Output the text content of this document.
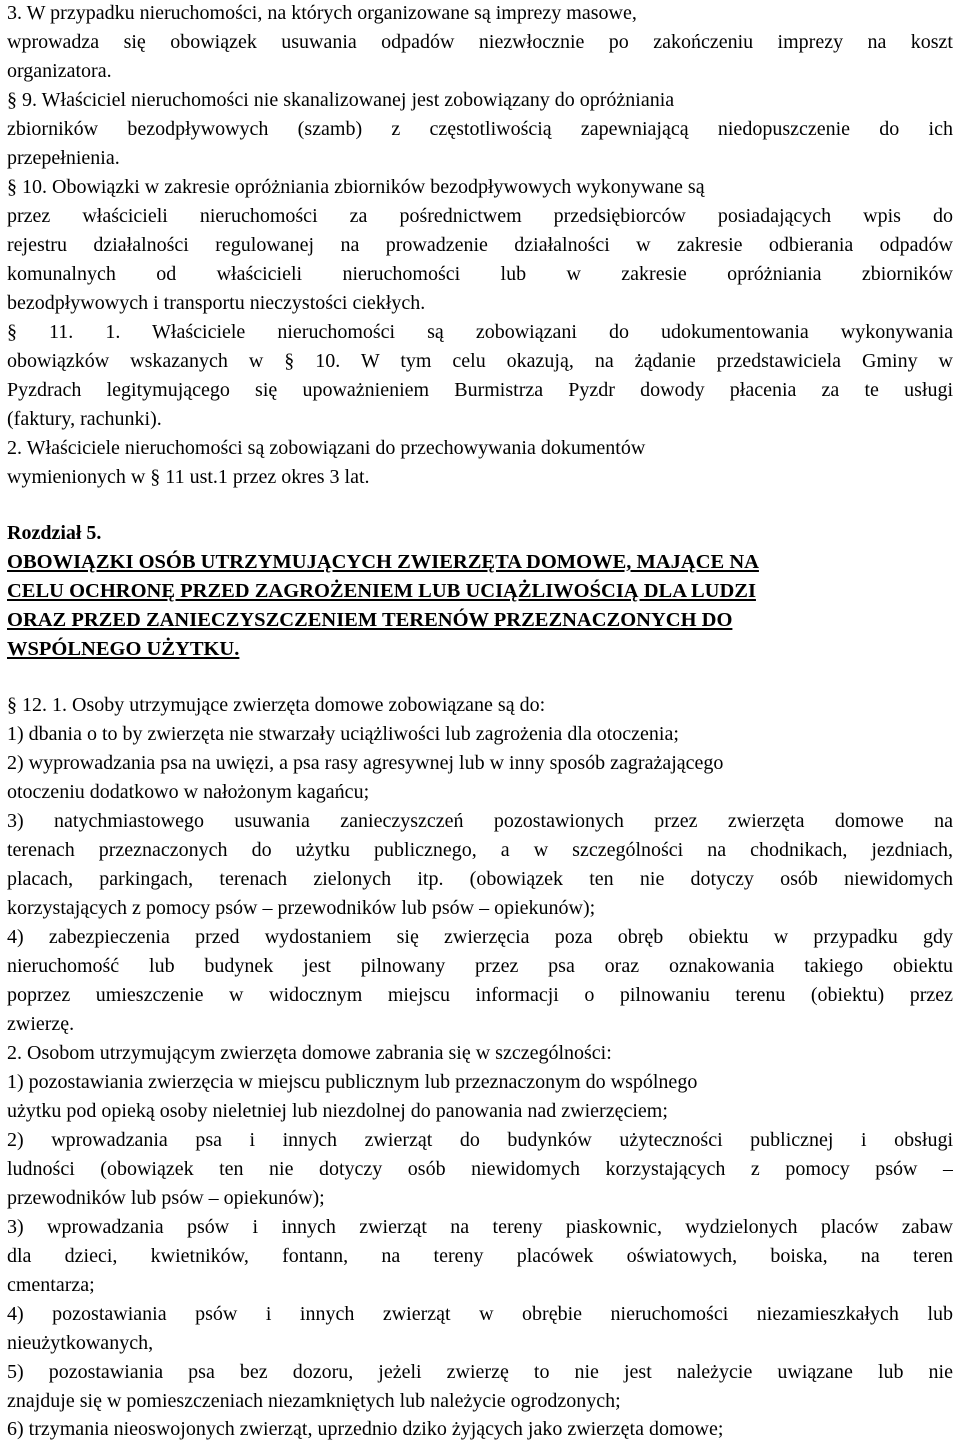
3. W przypadku nieruchomości, na których organizowane są imprezy masowe,
wprowadza się obowiązek usuwania odpadów niezwłocznie po zakończeniu imprezy na koszt
organizatora.
§ 9. Właściciel nieruchomości nie skanalizowanej jest zobowiązany do opróżniania
zbiorników bezodpływowych (szamb) z częstotliwością zapewniającą niedopuszczenie do ich
przepełnienia.
§ 10. Obowiązki w zakresie opróżniania zbiorników bezodpływowych wykonywane są
przez właścicieli nieruchomości za pośrednictwem przedsiębiorców posiadających wpis do
rejestru działalności regulowanej na prowadzenie działalności w zakresie odbierania odpadów
komunalnych od właścicieli nieruchomości lub w zakresie opróżniania zbiorników
bezodpływowych i transportu nieczystości ciekłych.
§ 11. 1. Właściciele nieruchomości są zobowiązani do udokumentowania wykonywania
obowiązków wskazanych w § 10. W tym celu okazują, na żądanie przedstawiciela Gminy w
Pyzdrach legitymującego się upoważnieniem Burmistrza Pyzdr dowody płacenia za te usługi
(faktury, rachunki).
2. Właściciele nieruchomości są zobowiązani do przechowywania dokumentów
wymienionych w § 11 ust.1 przez okres 3 lat.
Rozdział 5.
OBOWIĄZKI OSÓB UTRZYMUJĄCYCH ZWIERZĘTA DOMOWE, MAJĄCE NA
CELU OCHRONĘ PRZED ZAGROŻENIEM LUB UCIĄŻLIWOŚCIĄ DLA LUDZI
ORAZ PRZED ZANIECZYSZCZENIEM TERENÓW PRZEZNACZONYCH DO
WSPÓLNEGO UŻYTKU.
§ 12. 1. Osoby utrzymujące zwierzęta domowe zobowiązane są do:
1) dbania o to by zwierzęta nie stwarzały uciążliwości lub zagrożenia dla otoczenia;
2) wyprowadzania psa na uwięzi, a psa rasy agresywnej lub w inny sposób zagrażającego
otoczeniu dodatkowo w nałożonym kagańcu;
3) natychmiastowego usuwania zanieczyszczeń pozostawionych przez zwierzęta domowe na
terenach przeznaczonych do użytku publicznego, a w szczególności na chodnikach, jezdniach,
placach, parkingach, terenach zielonych itp. (obowiązek ten nie dotyczy osób niewidomych
korzystających z pomocy psów – przewodników lub psów – opiekunów);
4) zabezpieczenia przed wydostaniem się zwierzęcia poza obręb obiektu w przypadku gdy
nieruchomość lub budynek jest pilnowany przez psa oraz oznakowania takiego obiektu
poprzez umieszczenie w widocznym miejscu informacji o pilnowaniu terenu (obiektu) przez
zwierzę.
2. Osobom utrzymującym zwierzęta domowe zabrania się w szczególności:
1) pozostawiania zwierzęcia w miejscu publicznym lub przeznaczonym do wspólnego
użytku pod opieką osoby nieletniej lub niezdolnej do panowania nad zwierzęciem;
2) wprowadzania psa i innych zwierząt do budynków użyteczności publicznej i obsługi
ludności (obowiązek ten nie dotyczy osób niewidomych korzystających z pomocy psów –
przewodników lub psów – opiekunów);
3) wprowadzania psów i innych zwierząt na tereny piaskownic, wydzielonych placów zabaw
dla dzieci, kwietników, fontann, na tereny placówek oświatowych, boiska, na teren
cmentarza;
4) pozostawiania psów i innych zwierząt w obrębie nieruchomości niezamieszkałych lub
nieużytkowanych,
5) pozostawiania psa bez dozoru, jeżeli zwierzę to nie jest należycie uwiązane lub nie
znajduje się w pomieszczeniach niezamkniętych lub należycie ogrodzonych;
6) trzymania nieoswojonych zwierząt, uprzednio dziko żyjących jako zwierzęta domowe;
